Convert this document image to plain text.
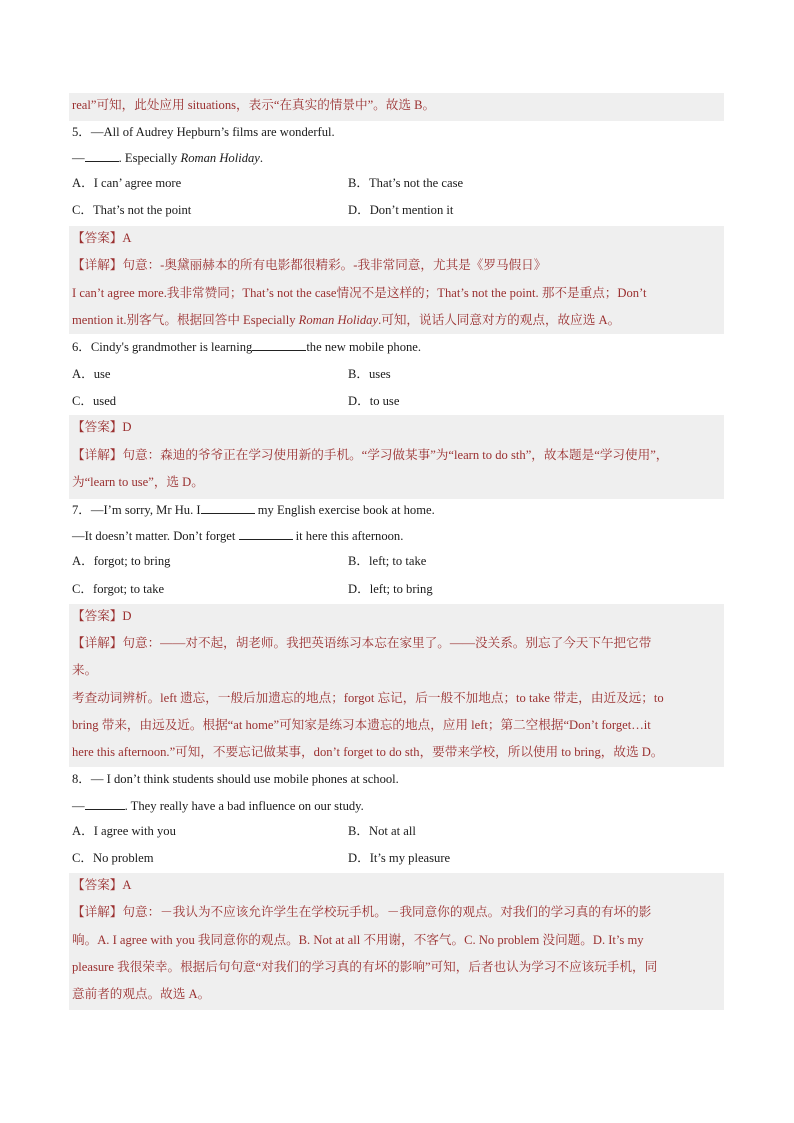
real”可知，此处应用 situations，表示“在真实的情景中”。故选 B。
5．—All of Audrey Hepburn’s films are wonderful.
—	. Especially Roman Holiday.
A．I can’ agree more	B．That’s not the case
C．That’s not the point	D．Don’t mention it
【答案】A
【详解】句意：-奥黛丽赫本的所有电影都很精彩。-我非常同意，尤其是《罗马假日》
I can’t agree more.我非常赞同；That’s not the case情况不是这样的；That’s not the point. 那不是重点；Don’t
mention it.别客气。根据回答中 Especially Roman Holiday.可知，说话人同意对方的观点，故应选 A。
6．Cindy's grandmother is learning	the new mobile phone.
A．use	B．uses
C．used	D．to use
【答案】D
【详解】句意：森迪的爷爷正在学习使用新的手机。“学习做某事”为“learn to do sth”，故本题是“学习使用”，
为“learn to use”，选 D。
7．—I’m sorry, Mr Hu. I	my English exercise book at home.
—It doesn’t matter. Don’t forget	it here this afternoon.
A．forgot; to bring	B．left; to take
C．forgot; to take	D．left; to bring
【答案】D
【详解】句意：——对不起，胡老师。我把英语练习本忘在家里了。——没关系。别忘了今天下午把它带
来。
考查动词辨析。left 遗忘，一般后加遗忘的地点；forgot 忘记，后一般不加地点；to take 带走，由近及远；to
bring 带来，由远及近。根据“at home”可知家是练习本遗忘的地点，应用 left；第二空根据“Don’t forget…it
here this afternoon.”可知，不要忘记做某事，don’t forget to do sth，要带来学校，所以使用 to bring，故选 D。
8．— I don’t think students should use mobile phones at school.
—	. They really have a bad influence on our study.
A．I agree with you	B．Not at all
C．No problem	D．It’s my pleasure
【答案】A
【详解】句意：－我认为不应该允许学生在学校玩手机。－我同意你的观点。对我们的学习真的有坏的影
响。A. I agree with you 我同意你的观点。B. Not at all 不用谢，不客气。C. No problem 没问题。D. It’s my
pleasure 我很荣幸。根据后句句意“对我们的学习真的有坏的影响”可知，后者也认为学习不应该玩手机，同
意前者的观点。故选 A。
